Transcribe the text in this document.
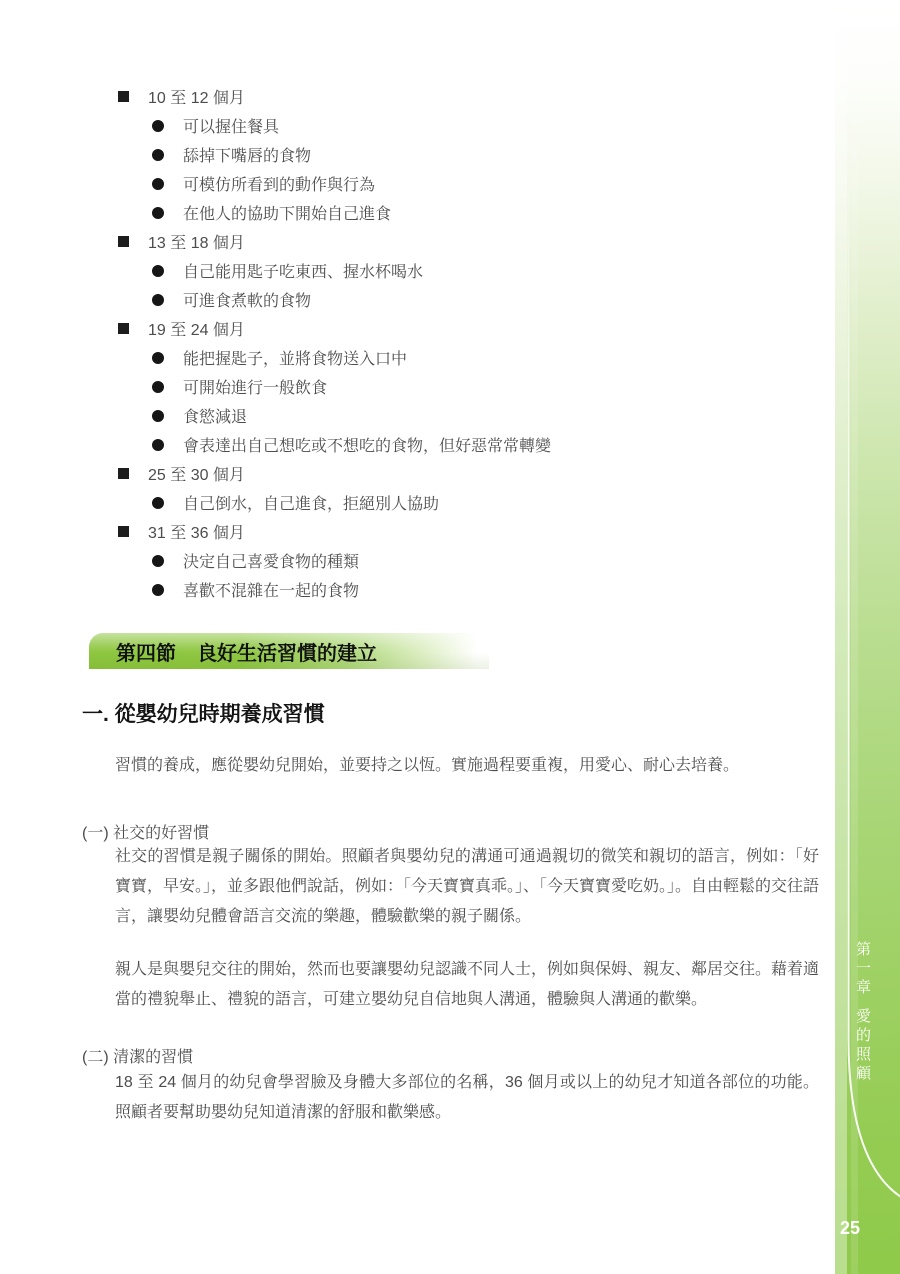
10 至 12 個月
可以握住餐具
舔掉下嘴唇的食物
可模仿所看到的動作與行為
在他人的協助下開始自己進食
13 至 18 個月
自己能用匙子吃東西、握水杯喝水
可進食煮軟的食物
19 至 24 個月
能把握匙子，並將食物送入口中
可開始進行一般飲食
食慾減退
會表達出自己想吃或不想吃的食物，但好惡常常轉變
25 至 30 個月
自己倒水，自己進食，拒絕別人協助
31 至 36 個月
決定自己喜愛食物的種類
喜歡不混雜在一起的食物
第四節 良好生活習慣的建立
一. 從嬰幼兒時期養成習慣
習慣的養成，應從嬰幼兒開始，並要持之以恆。實施過程要重複，用愛心、耐心去培養。
(一) 社交的好習慣
社交的習慣是親子關係的開始。照顧者與嬰幼兒的溝通可通過親切的微笑和親切的語言，例如：「好寶寶，早安。」，並多跟他們說話，例如：「今天寶寶真乖。」、「今天寶寶愛吃奶。」。自由輕鬆的交往語言，讓嬰幼兒體會語言交流的樂趣，體驗歡樂的親子關係。
親人是與嬰兒交往的開始，然而也要讓嬰幼兒認識不同人士，例如與保姆、親友、鄰居交往。藉着適當的禮貌舉止、禮貌的語言，可建立嬰幼兒自信地與人溝通，體驗與人溝通的歡樂。
(二) 清潔的習慣
18 至 24 個月的幼兒會學習臉及身體大多部位的名稱，36 個月或以上的幼兒才知道各部位的功能。照顧者要幫助嬰幼兒知道清潔的舒服和歡樂感。
第一章愛的照顧
25
